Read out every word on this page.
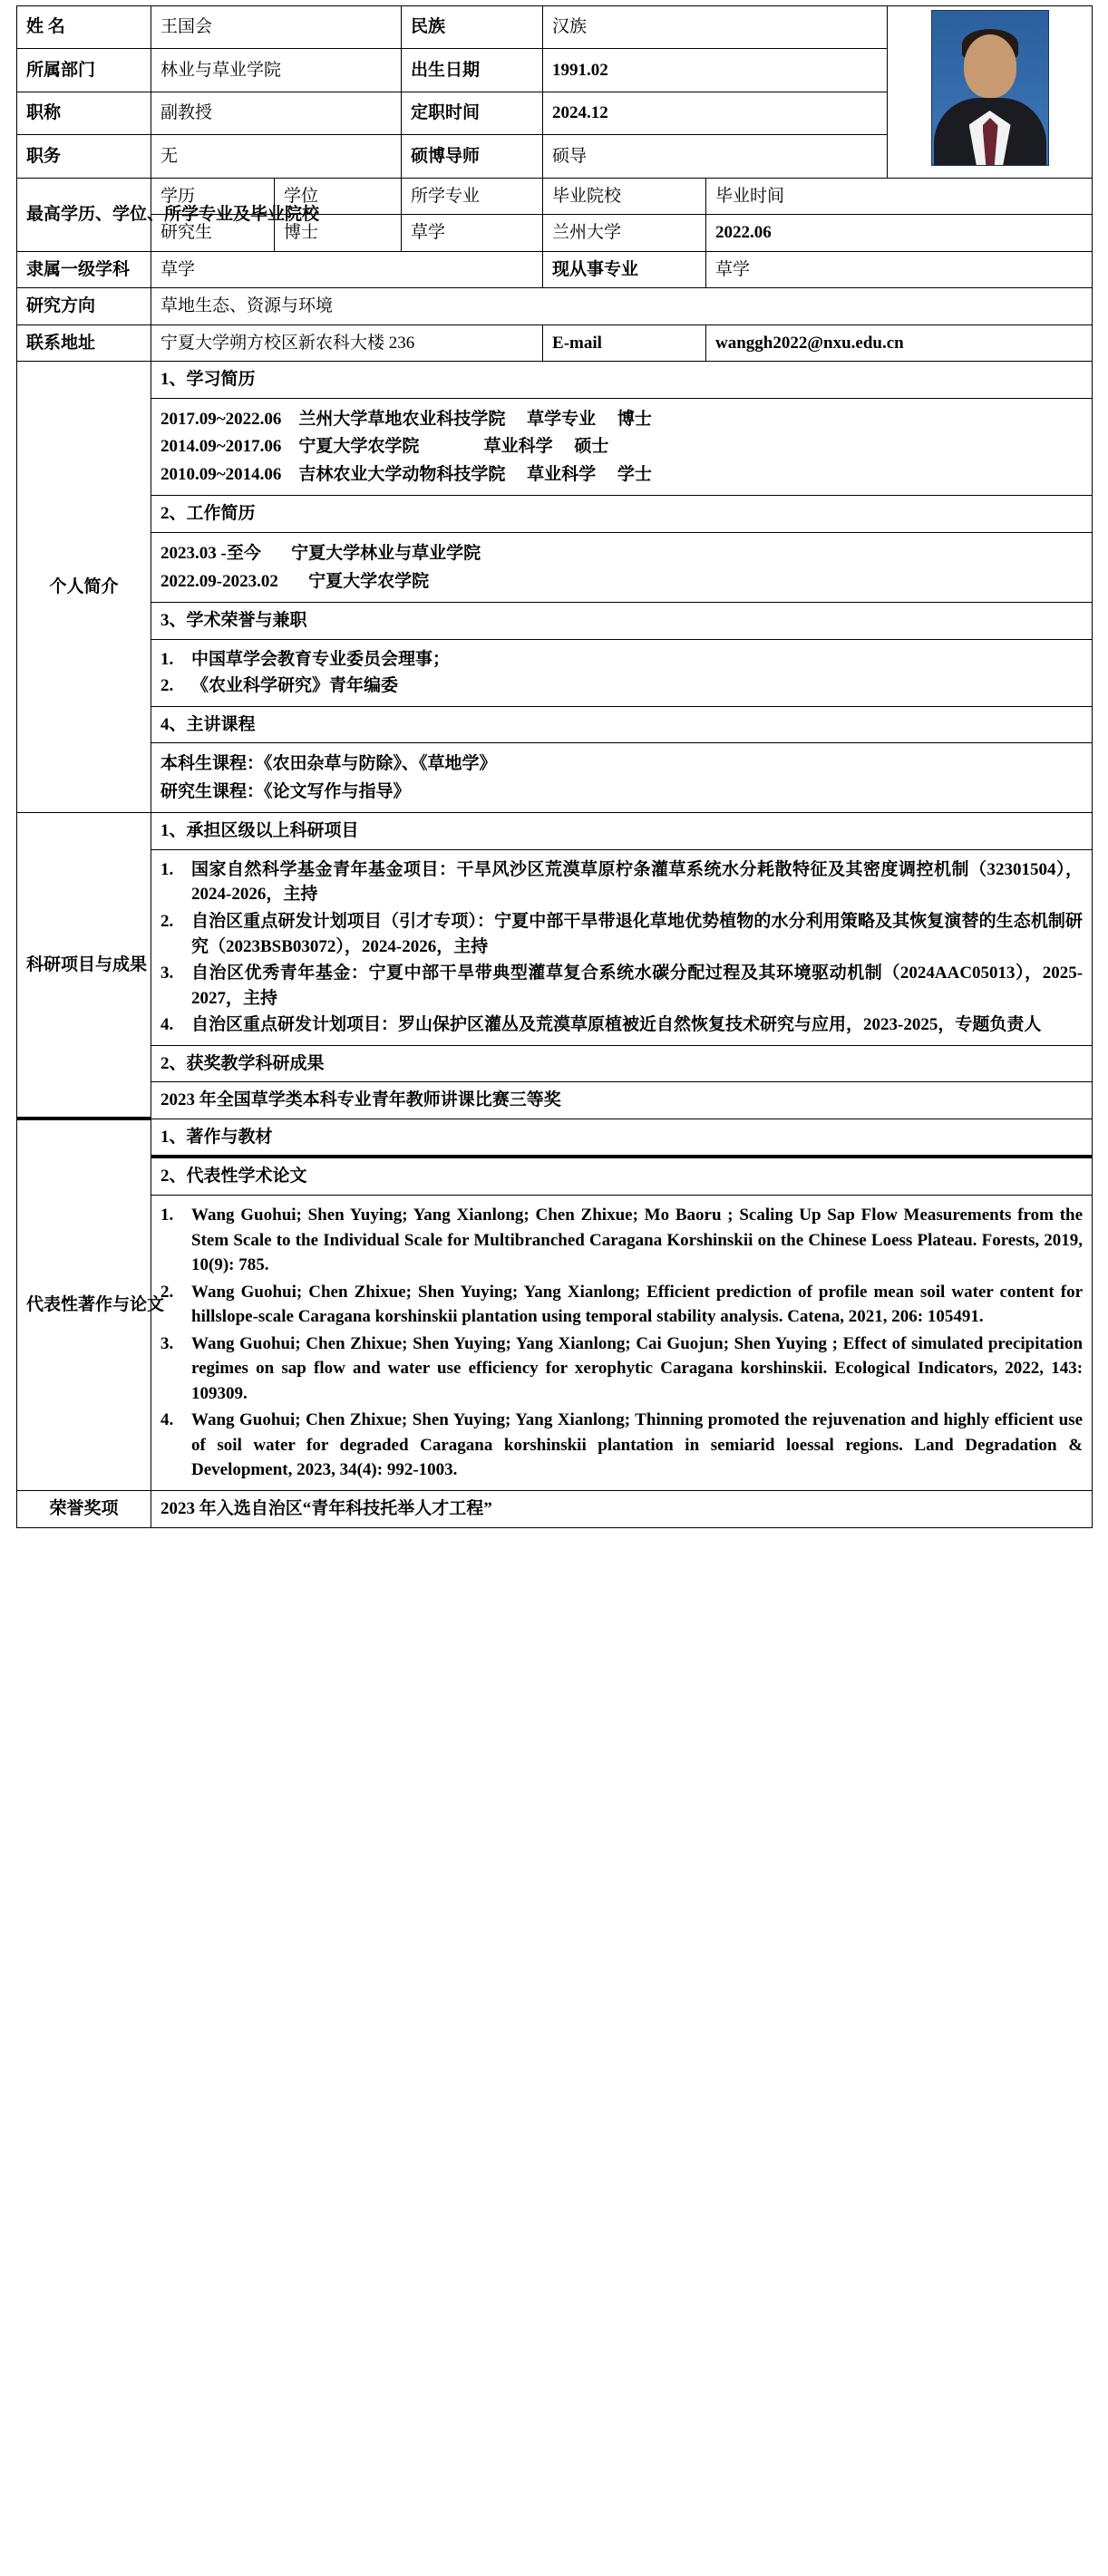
姓 名	王国会	民族	汉族	

所属部门	林业与草业学院	出生日期	1991.02
职称	副教授	定职时间	2024.12
职务	无	硕博导师	硕导
最高学历、学位、所学专业及毕业院校	学历	学位	所学专业	毕业院校	毕业时间
研究生	博士	草学	兰州大学	2022.06
隶属一级学科	草学	现从事专业	草学
研究方向	草地生态、资源与环境
联系地址	宁夏大学朔方校区新农科大楼 236	E-mail	wanggh2022@nxu.edu.cn
个人简介	
1、学习简历

2017.09~2022.06 兰州大学草地农业科技学院 草学专业 博士
2014.09~2017.06 宁夏大学农学院	草业科学 硕士
2010.09~2014.06 吉林农业大学动物科技学院 草业科学 学士

2、工作简历

2023.03 -至今 宁夏大学林业与草业学院
2022.09-2023.02 宁夏大学农学院

3、学术荣誉与兼职

1.	中国草学会教育专业委员会理事；
2.	《农业科学研究》青年编委

4、主讲课程

本科生课程：《农田杂草与防除》、《草地学》
研究生课程：《论文写作与指导》

科研项目与成果	
1、承担区级以上科研项目

1.	国家自然科学基金青年基金项目：干旱风沙区荒漠草原柠条灌草系统水分耗散特征及其密度调控机制（32301504），2024-2026，主持
2.	自治区重点研发计划项目（引才专项）：宁夏中部干旱带退化草地优势植物的水分利用策略及其恢复演替的生态机制研究（2023BSB03072），2024-2026，主持
3.	自治区优秀青年基金：宁夏中部干旱带典型灌草复合系统水碳分配过程及其环境驱动机制（2024AAC05013），2025-2027，主持
4.	自治区重点研发计划项目：罗山保护区灌丛及荒漠草原植被近自然恢复技术研究与应用，2023-2025，专题负责人

2、获奖教学科研成果
2023 年全国草学类本科专业青年教师讲课比赛三等奖

代表性著作与论文	
1、著作与教材
2、代表性学术论文

1.	Wang Guohui; Shen Yuying; Yang Xianlong; Chen Zhixue; Mo Baoru ; Scaling Up Sap Flow Measurements from the Stem Scale to the Individual Scale for Multibranched Caragana Korshinskii on the Chinese Loess Plateau. Forests, 2019, 10(9): 785.
2.	Wang Guohui; Chen Zhixue; Shen Yuying; Yang Xianlong; Efficient prediction of profile mean soil water content for hillslope-scale Caragana korshinskii plantation using temporal stability analysis. Catena, 2021, 206: 105491.
3.	Wang Guohui; Chen Zhixue; Shen Yuying; Yang Xianlong; Cai Guojun; Shen Yuying ; Effect of simulated precipitation regimes on sap flow and water use efficiency for xerophytic Caragana korshinskii. Ecological Indicators, 2022, 143: 109309.
4.	Wang Guohui; Chen Zhixue; Shen Yuying; Yang Xianlong; Thinning promoted the rejuvenation and highly efficient use of soil water for degraded Caragana korshinskii plantation in semiarid loessal regions. Land Degradation & Development, 2023, 34(4): 992-1003.

荣誉奖项	2023 年入选自治区“青年科技托举人才工程”
